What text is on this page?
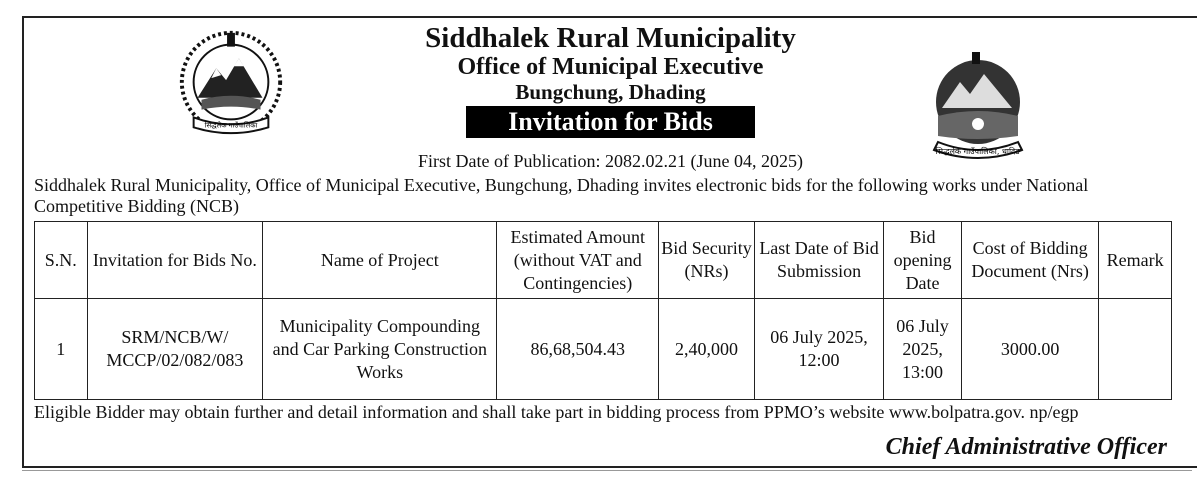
सिद्धलेक गाउँपालिका
सिद्धलेक गाउँपालिका, धादिङ
Siddhalek Rural Municipality
Office of Municipal Executive
Bungchung, Dhading
Invitation for Bids
First Date of Publication: 2082.02.21 (June 04, 2025)
Siddhalek Rural Municipality, Office of Municipal Executive, Bungchung, Dhading invites electronic bids for the following works under National Competitive Bidding (NCB)
S.N.	Invitation for Bids No.	Name of Project	Estimated Amount (without VAT and Contingencies)	Bid Security (NRs)	Last Date of Bid Submission	Bid opening Date	Cost of Bidding Document (Nrs)	Remark
1	SRM/NCB/W/ MCCP/02/082/083	Municipality Compounding and Car Parking Construction Works	86,68,504.43	2,40,000	06 July 2025, 12:00	06 July 2025, 13:00	3000.00	
Eligible Bidder may obtain further and detail information and shall take part in bidding process from PPMO’s website www.bolpatra.gov. np/egp
Chief Administrative Officer
